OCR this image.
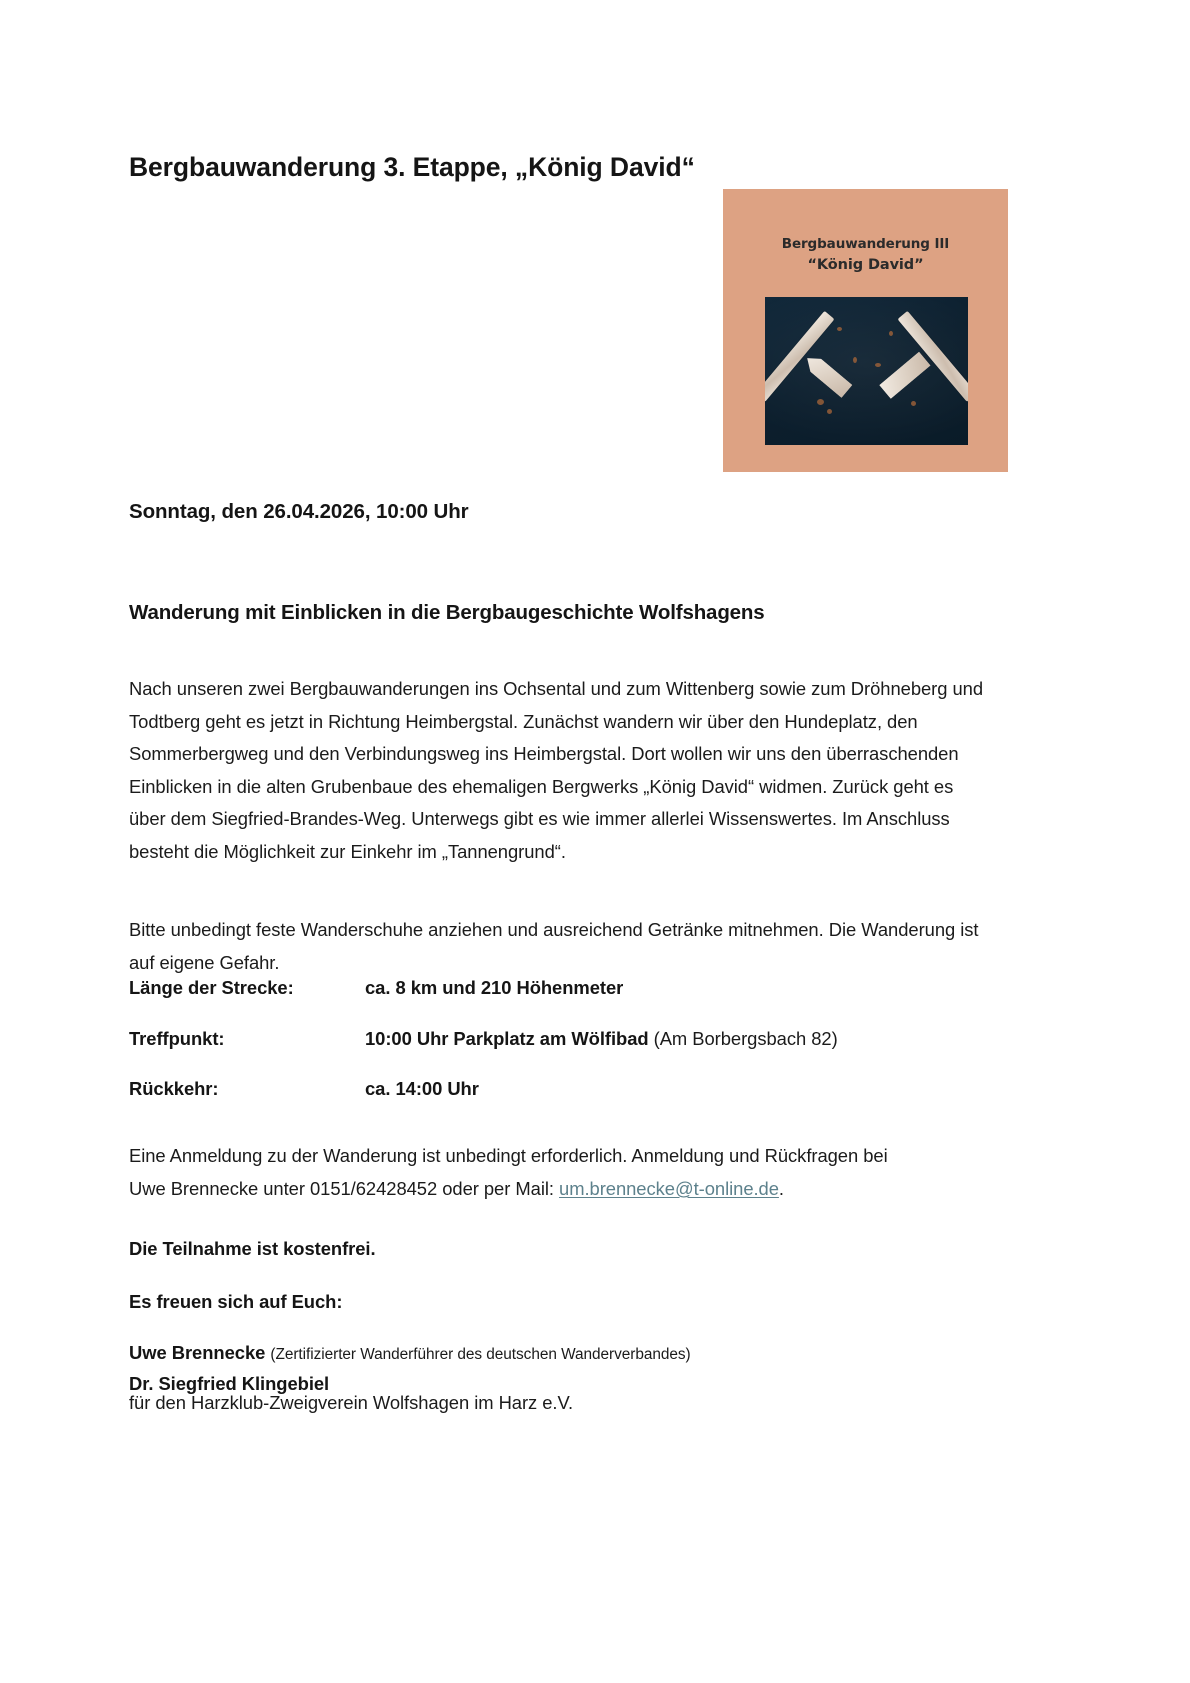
Bergbauwanderung 3. Etappe, „König David“
Bergbauwanderung III
“König David”
Sonntag, den 26.04.2026, 10:00 Uhr
Wanderung mit Einblicken in die Bergbaugeschichte Wolfshagens

Nach unseren zwei Bergbauwanderungen ins Ochsental und zum Wittenberg sowie zum Dröhneberg und Todtberg geht es jetzt in Richtung Heimbergstal. Zunächst wandern wir über den Hundeplatz, den Sommerbergweg und den Verbindungsweg ins Heimbergstal. Dort wollen wir uns den überraschenden Einblicken in die alten Grubenbaue des ehemaligen Bergwerks „König David“ widmen. Zurück geht es über dem Siegfried-Brandes-Weg. Unterwegs gibt es wie immer allerlei Wissenswertes. Im Anschluss besteht die Möglichkeit zur Einkehr im „Tannengrund“.

Bitte unbedingt feste Wanderschuhe anziehen und ausreichend Getränke mitnehmen. Die Wanderung ist auf eigene Gefahr.

Länge der Strecke:	ca. 8 km und 210 Höhenmeter
Treffpunkt:	10:00 Uhr Parkplatz am Wölfibad (Am Borbergsbach 82)
Rückkehr:	ca. 14:00 Uhr

Eine Anmeldung zu der Wanderung ist unbedingt erforderlich. Anmeldung und Rückfragen bei Uwe Brennecke unter 0151/62428452 oder per Mail: um.brennecke@t-online.de.

Die Teilnahme ist kostenfrei.
Es freuen sich auf Euch:
Uwe Brennecke (Zertifizierter Wanderführer des deutschen Wanderverbandes)
Dr. Siegfried Klingebiel
für den Harzklub-Zweigverein Wolfshagen im Harz e.V.
